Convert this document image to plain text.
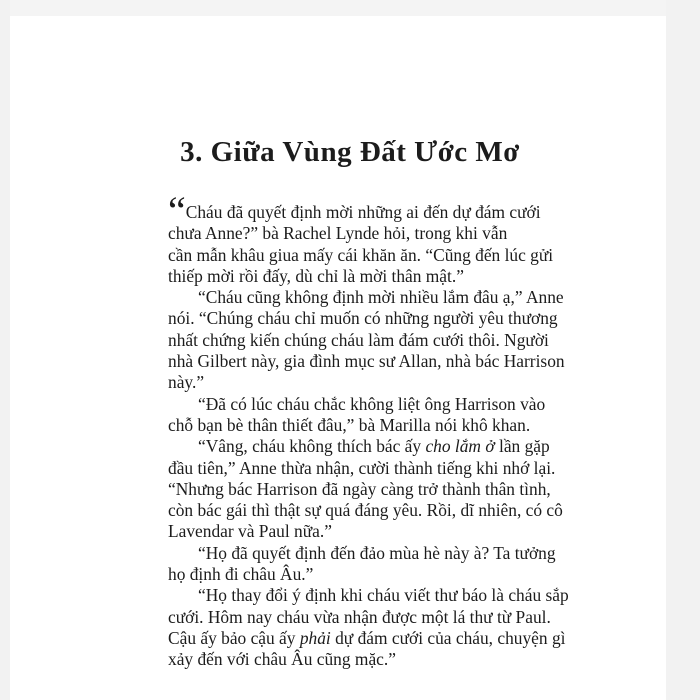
3. Giữa Vùng Đất Ước Mơ
“Cháu đã quyết định mời những ai đến dự đám cưới
chưa Anne?” bà Rachel Lynde hỏi, trong khi vẫn
cần mẫn khâu giua mấy cái khăn ăn. “Cũng đến lúc gửi
thiếp mời rồi đấy, dù chỉ là mời thân mật.”
“Cháu cũng không định mời nhiều lắm đâu ạ,” Anne
nói. “Chúng cháu chỉ muốn có những người yêu thương
nhất chứng kiến chúng cháu làm đám cưới thôi. Người
nhà Gilbert này, gia đình mục sư Allan, nhà bác Harrison
này.”
“Đã có lúc cháu chắc không liệt ông Harrison vào
chỗ bạn bè thân thiết đâu,” bà Marilla nói khô khan.
“Vâng, cháu không thích bác ấy cho lắm ở lần gặp
đầu tiên,” Anne thừa nhận, cười thành tiếng khi nhớ lại.
“Nhưng bác Harrison đã ngày càng trở thành thân tình,
còn bác gái thì thật sự quá đáng yêu. Rồi, dĩ nhiên, có cô
Lavendar và Paul nữa.”
“Họ đã quyết định đến đảo mùa hè này à? Ta tưởng
họ định đi châu Âu.”
“Họ thay đổi ý định khi cháu viết thư báo là cháu sắp
cưới. Hôm nay cháu vừa nhận được một lá thư từ Paul.
Cậu ấy bảo cậu ấy phải dự đám cưới của cháu, chuyện gì
xảy đến với châu Âu cũng mặc.”
